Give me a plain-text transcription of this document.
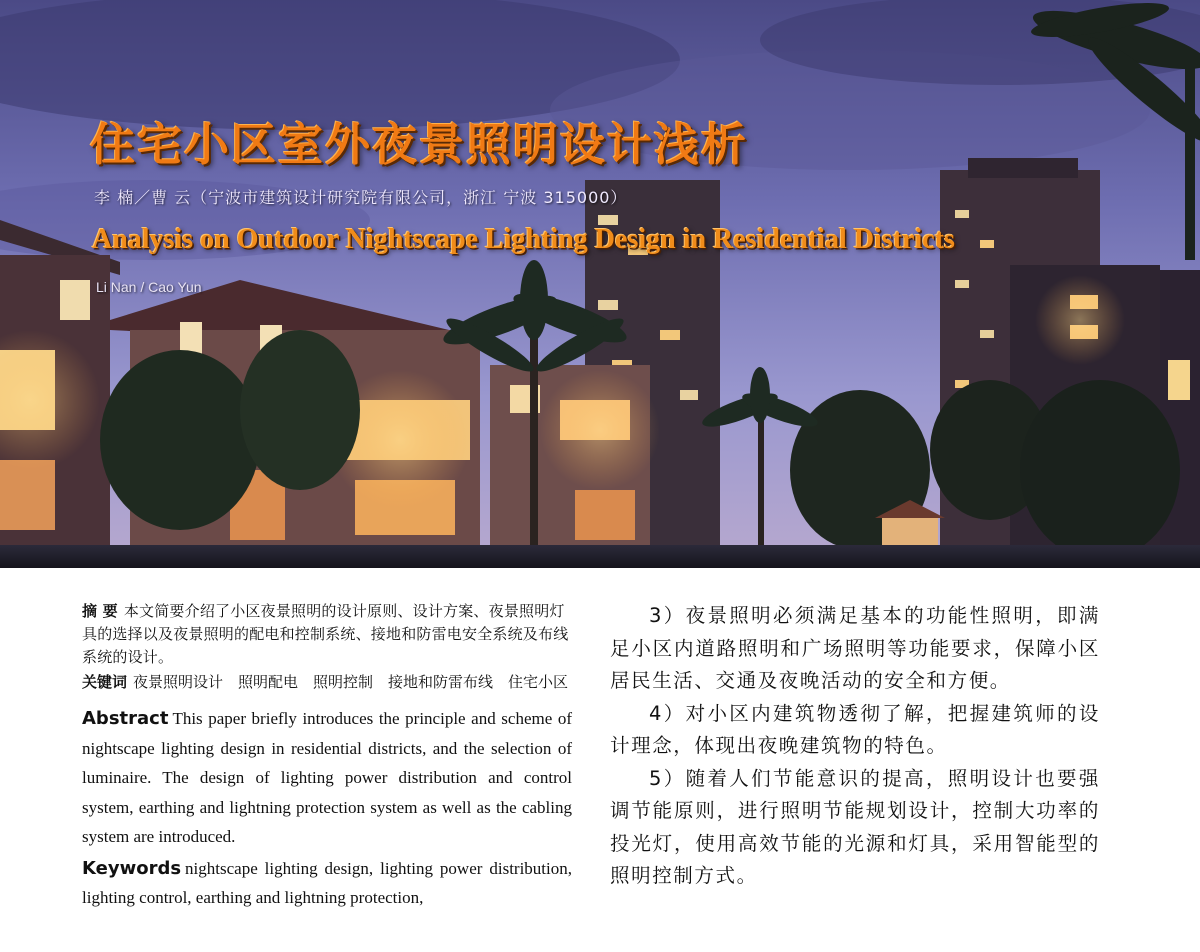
住宅小区室外夜景照明设计浅析

李 楠／曹 云（宁波市建筑设计研究院有限公司，浙江 宁波 315000）

Analysis on Outdoor Nightscape Lighting Design in Residential Districts

Li Nan / Cao Yun

摘 要 本文简要介绍了小区夜景照明的设计原则、设计方案、夜景照明灯具的选择以及夜景照明的配电和控制系统、接地和防雷电安全系统及布线系统的设计。

关键词 夜景照明设计　照明配电　照明控制　接地和防雷布线　住宅小区

Abstract This paper briefly introduces the principle and scheme of nightscape lighting design in residential districts, and the selection of luminaire. The design of lighting power distribution and control system, earthing and lightning protection system as well as the cabling system are introduced.

Keywords nightscape lighting design, lighting power distribution, lighting control, earthing and lightning protection,

3）夜景照明必须满足基本的功能性照明，即满足小区内道路照明和广场照明等功能要求，保障小区居民生活、交通及夜晚活动的安全和方便。

4）对小区内建筑物透彻了解，把握建筑师的设计理念，体现出夜晚建筑物的特色。

5）随着人们节能意识的提高，照明设计也要强调节能原则，进行照明节能规划设计，控制大功率的投光灯，使用高效节能的光源和灯具，采用智能型的照明控制方式。
